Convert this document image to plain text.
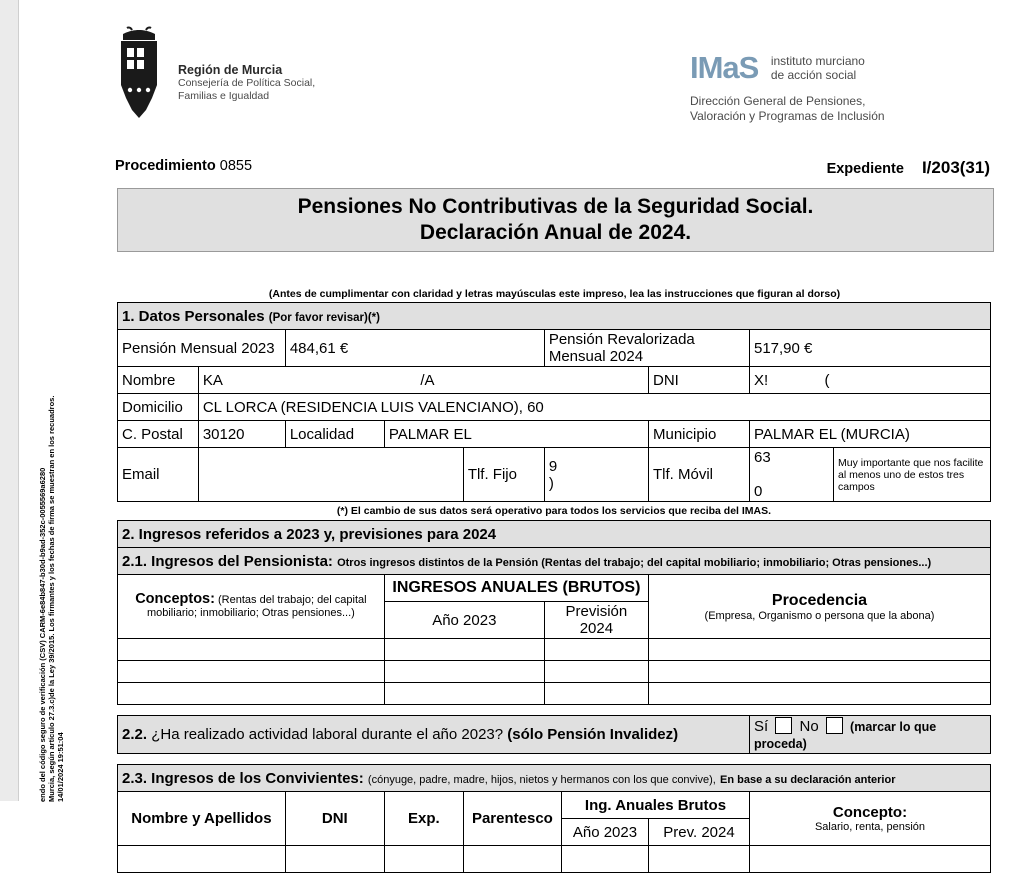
14/01/2024 19:51:04
Murcia, según artículo 27.3.c)de la Ley 39/2015. Los firmantes y los fechas de firma se muestran en los recuadros.
endo del código seguro de verificación (CSV) CARM-6e84b847-b30d-b9ad-352c-0055569a6280
Región de Murcia
Consejería de Política Social,
Familias e Igualdad
IMaS instituto murciano
de acción social
Dirección General de Pensiones,
Valoración y Programas de Inclusión
Procedimiento 0855	Expediente I/203(31)
Pensiones No Contributivas de la Seguridad Social.
Declaración Anual de 2024.
(Antes de cumplimentar con claridad y letras mayúsculas este impreso, lea las instrucciones que figuran al dorso)
1. Datos Personales (Por favor revisar)(*)									
Pensión Mensual 2023		484,61 €			Pensión Revalorizada Mensual 2024			517,90 €	
Nombre	KA /A						DNI	X! (	
Domicilio	CL LORCA (RESIDENCIA LUIS VALENCIANO), 60								
C. Postal	30120	Localidad	PALMAR EL				Municipio	PALMAR EL (MURCIA)	
Email				Tlf. Fijo	9  )		Tlf. Móvil	63  0	Muy importante que nos facilite al menos uno de estos tres campos
(*) El cambio de sus datos será operativo para todos los servicios que reciba del IMAS.									
2. Ingresos referidos a 2023 y, previsiones para 2024									
2.1. Ingresos del Pensionista: Otros ingresos distintos de la Pensión (Rentas del trabajo; del capital mobiliario; inmobiliario; Otras pensiones...)									
Conceptos: (Rentas del trabajo; del capital mobiliario; inmobiliario; Otras pensiones...)			INGRESOS ANUALES (BRUTOS)				Procedencia
(Empresa, Organismo o persona que la abona)		

			Año 2023		Previsión 2024				

2.2. ¿Ha realizado actividad laboral durante el año 2023? (sólo Pensión Invalidez)								Sí No (marcar lo que proceda)	

2.3. Ingresos de los Convivientes: (cónyuge, padre, madre, hijos, nietos y hermanos con los que convive), En base a su declaración anterior									
Nombre y Apellidos		DNI	Exp.	Parentesco		Ing. Anuales Brutos		Concepto:
Salario, renta, pensión	

						Año 2023	Prev. 2024		
